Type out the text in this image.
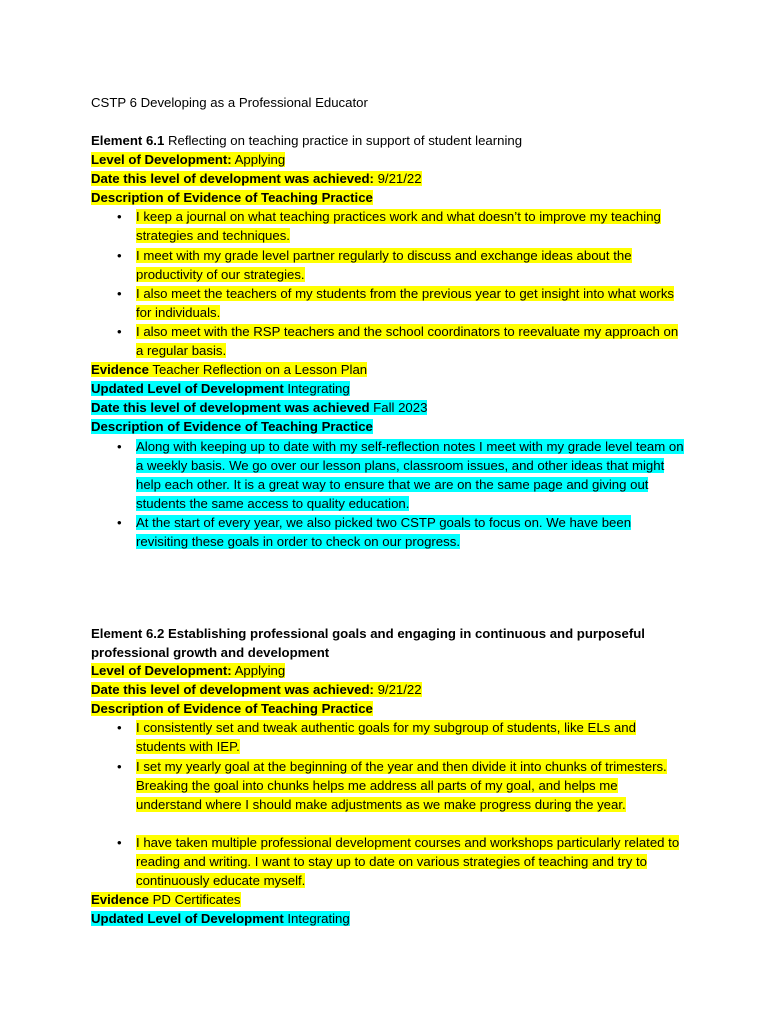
CSTP 6 Developing as a Professional Educator
Element 6.1 Reflecting on teaching practice in support of student learning
Level of Development: Applying
Date this level of development was achieved: 9/21/22
Description of Evidence of Teaching Practice
• I keep a journal on what teaching practices work and what doesn’t to improve my teaching strategies and techniques.
• I meet with my grade level partner regularly to discuss and exchange ideas about the productivity of our strategies.
• I also meet the teachers of my students from the previous year to get insight into what works for individuals.
• I also meet with the RSP teachers and the school coordinators to reevaluate my approach on a regular basis.
Evidence Teacher Reflection on a Lesson Plan
Updated Level of Development Integrating
Date this level of development was achieved Fall 2023
Description of Evidence of Teaching Practice
• Along with keeping up to date with my self-reflection notes I meet with my grade level team on a weekly basis. We go over our lesson plans, classroom issues, and other ideas that might help each other. It is a great way to ensure that we are on the same page and giving out students the same access to quality education.
• At the start of every year, we also picked two CSTP goals to focus on. We have been revisiting these goals in order to check on our progress.
Element 6.2 Establishing professional goals and engaging in continuous and purposeful
professional growth and development
Level of Development: Applying
Date this level of development was achieved: 9/21/22
Description of Evidence of Teaching Practice
• I consistently set and tweak authentic goals for my subgroup of students, like ELs and students with IEP.
• I set my yearly goal at the beginning of the year and then divide it into chunks of trimesters. Breaking the goal into chunks helps me address all parts of my goal, and helps me understand where I should make adjustments as we make progress during the year.
• I have taken multiple professional development courses and workshops particularly related to reading and writing. I want to stay up to date on various strategies of teaching and try to continuously educate myself.
Evidence PD Certificates
Updated Level of Development Integrating
